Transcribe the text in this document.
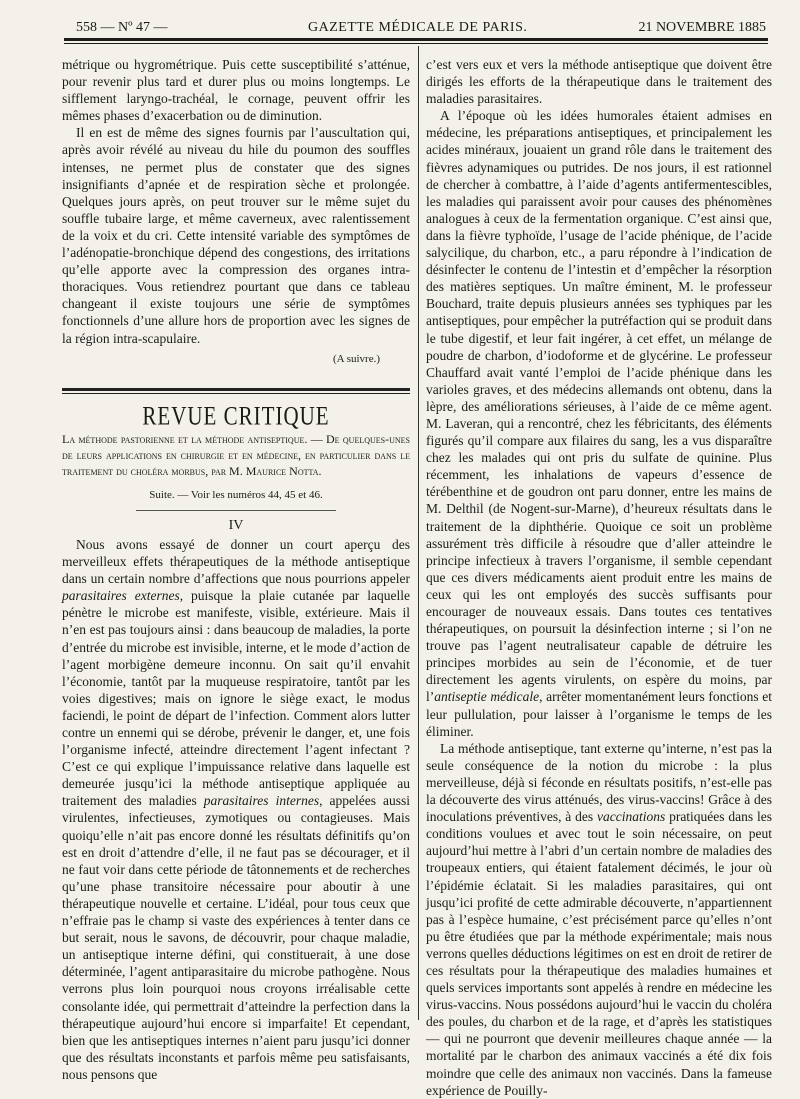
558 — Nº 47 —	GAZETTE MÉDICALE DE PARIS.	21 NOVEMBRE 1885

métrique ou hygrométrique. Puis cette susceptibilité s’atténue, pour revenir plus tard et durer plus ou moins longtemps. Le sifflement laryngo-trachéal, le cornage, peuvent offrir les mêmes phases d’exacerbation ou de diminution.

Il en est de même des signes fournis par l’auscultation qui, après avoir révélé au niveau du hile du poumon des souffles intenses, ne permet plus de constater que des signes insignifiants d’apnée et de respiration sèche et prolongée. Quelques jours après, on peut trouver sur le même sujet du souffle tubaire large, et même caverneux, avec ralentissement de la voix et du cri. Cette intensité variable des symptômes de l’adénopatie-bronchique dépend des congestions, des irritations qu’elle apporte avec la compression des organes intra-thoraciques. Vous retiendrez pourtant que dans ce tableau changeant il existe toujours une série de symptômes fonctionnels d’une allure hors de proportion avec les signes de la région intra-scapulaire.

(A suivre.)

REVUE CRITIQUE

La méthode pastorienne et la méthode antiseptique. — De quelques-unes de leurs applications en chirurgie et en médecine, en particulier dans le traitement du choléra morbus, par M. Maurice Notta.

Suite. — Voir les numéros 44, 45 et 46.

IV

Nous avons essayé de donner un court aperçu des merveilleux effets thérapeutiques de la méthode antiseptique dans un certain nombre d’affections que nous pourrions appeler parasitaires externes, puisque la plaie cutanée par laquelle pénètre le microbe est manifeste, visible, extérieure. Mais il n’en est pas toujours ainsi : dans beaucoup de maladies, la porte d’entrée du microbe est invisible, interne, et le mode d’action de l’agent morbigène demeure inconnu. On sait qu’il envahit l’économie, tantôt par la muqueuse respiratoire, tantôt par les voies digestives; mais on ignore le siège exact, le modus faciendi, le point de départ de l’infection. Comment alors lutter contre un ennemi qui se dérobe, prévenir le danger, et, une fois l’organisme infecté, atteindre directement l’agent infectant ? C’est ce qui explique l’impuissance relative dans laquelle est demeurée jusqu’ici la méthode antiseptique appliquée au traitement des maladies parasitaires internes, appelées aussi virulentes, infectieuses, zymotiques ou contagieuses. Mais quoiqu’elle n’ait pas encore donné les résultats définitifs qu’on est en droit d’attendre d’elle, il ne faut pas se décourager, et il ne faut voir dans cette période de tâtonnements et de recherches qu’une phase transitoire nécessaire pour aboutir à une thérapeutique nouvelle et certaine. L’idéal, pour tous ceux que n’effraie pas le champ si vaste des expériences à tenter dans ce but serait, nous le savons, de découvrir, pour chaque maladie, un antiseptique interne défini, qui constituerait, à une dose déterminée, l’agent antiparasitaire du microbe pathogène. Nous verrons plus loin pourquoi nous croyons irréalisable cette consolante idée, qui permettrait d’atteindre la perfection dans la thérapeutique aujourd’hui encore si imparfaite! Et cependant, bien que les antiseptiques internes n’aient paru jusqu’ici donner que des résultats inconstants et parfois même peu satisfaisants, nous pensons que

c’est vers eux et vers la méthode antiseptique que doivent être dirigés les efforts de la thérapeutique dans le traitement des maladies parasitaires.

A l’époque où les idées humorales étaient admises en médecine, les préparations antiseptiques, et principalement les acides minéraux, jouaient un grand rôle dans le traitement des fièvres adynamiques ou putrides. De nos jours, il est rationnel de chercher à combattre, à l’aide d’agents antifermentescibles, les maladies qui paraissent avoir pour causes des phénomènes analogues à ceux de la fermentation organique. C’est ainsi que, dans la fièvre typhoïde, l’usage de l’acide phénique, de l’acide salycilique, du charbon, etc., a paru répondre à l’indication de désinfecter le contenu de l’intestin et d’empêcher la résorption des matières septiques. Un maître éminent, M. le professeur Bouchard, traite depuis plusieurs années ses typhiques par les antiseptiques, pour empêcher la putréfaction qui se produit dans le tube digestif, et leur fait ingérer, à cet effet, un mélange de poudre de charbon, d’iodoforme et de glycérine. Le professeur Chauffard avait vanté l’emploi de l’acide phénique dans les varioles graves, et des médecins allemands ont obtenu, dans la lèpre, des améliorations sérieuses, à l’aide de ce même agent. M. Laveran, qui a rencontré, chez les fébricitants, des éléments figurés qu’il compare aux filaires du sang, les a vus disparaître chez les malades qui ont pris du sulfate de quinine. Plus récemment, les inhalations de vapeurs d’essence de térébenthine et de goudron ont paru donner, entre les mains de M. Delthil (de Nogent-sur-Marne), d’heureux résultats dans le traitement de la diphthérie. Quoique ce soit un problème assurément très difficile à résoudre que d’aller atteindre le principe infectieux à travers l’organisme, il semble cependant que ces divers médicaments aient produit entre les mains de ceux qui les ont employés des succès suffisants pour encourager de nouveaux essais. Dans toutes ces tentatives thérapeutiques, on poursuit la désinfection interne ; si l’on ne trouve pas l’agent neutralisateur capable de détruire les principes morbides au sein de l’économie, et de tuer directement les agents virulents, on espère du moins, par l’antiseptie médicale, arrêter momentanément leurs fonctions et leur pullulation, pour laisser à l’organisme le temps de les éliminer.

La méthode antiseptique, tant externe qu’interne, n’est pas la seule conséquence de la notion du microbe : la plus merveilleuse, déjà si féconde en résultats positifs, n’est-elle pas la découverte des virus atténués, des virus-vaccins! Grâce à des inoculations préventives, à des vaccinations pratiquées dans les conditions voulues et avec tout le soin nécessaire, on peut aujourd’hui mettre à l’abri d’un certain nombre de maladies des troupeaux entiers, qui étaient fatalement décimés, le jour où l’épidémie éclatait. Si les maladies parasitaires, qui ont jusqu’ici profité de cette admirable découverte, n’appartiennent pas à l’espèce humaine, c’est précisément parce qu’elles n’ont pu être étudiées que par la méthode expérimentale; mais nous verrons quelles déductions légitimes on est en droit de retirer de ces résultats pour la thérapeutique des maladies humaines et quels services importants sont appelés à rendre en médecine les virus-vaccins. Nous possédons aujourd’hui le vaccin du choléra des poules, du charbon et de la rage, et d’après les statistiques — qui ne pourront que devenir meilleures chaque année — la mortalité par le charbon des animaux vaccinés a été dix fois moindre que celle des animaux non vaccinés. Dans la fameuse expérience de Pouilly-
